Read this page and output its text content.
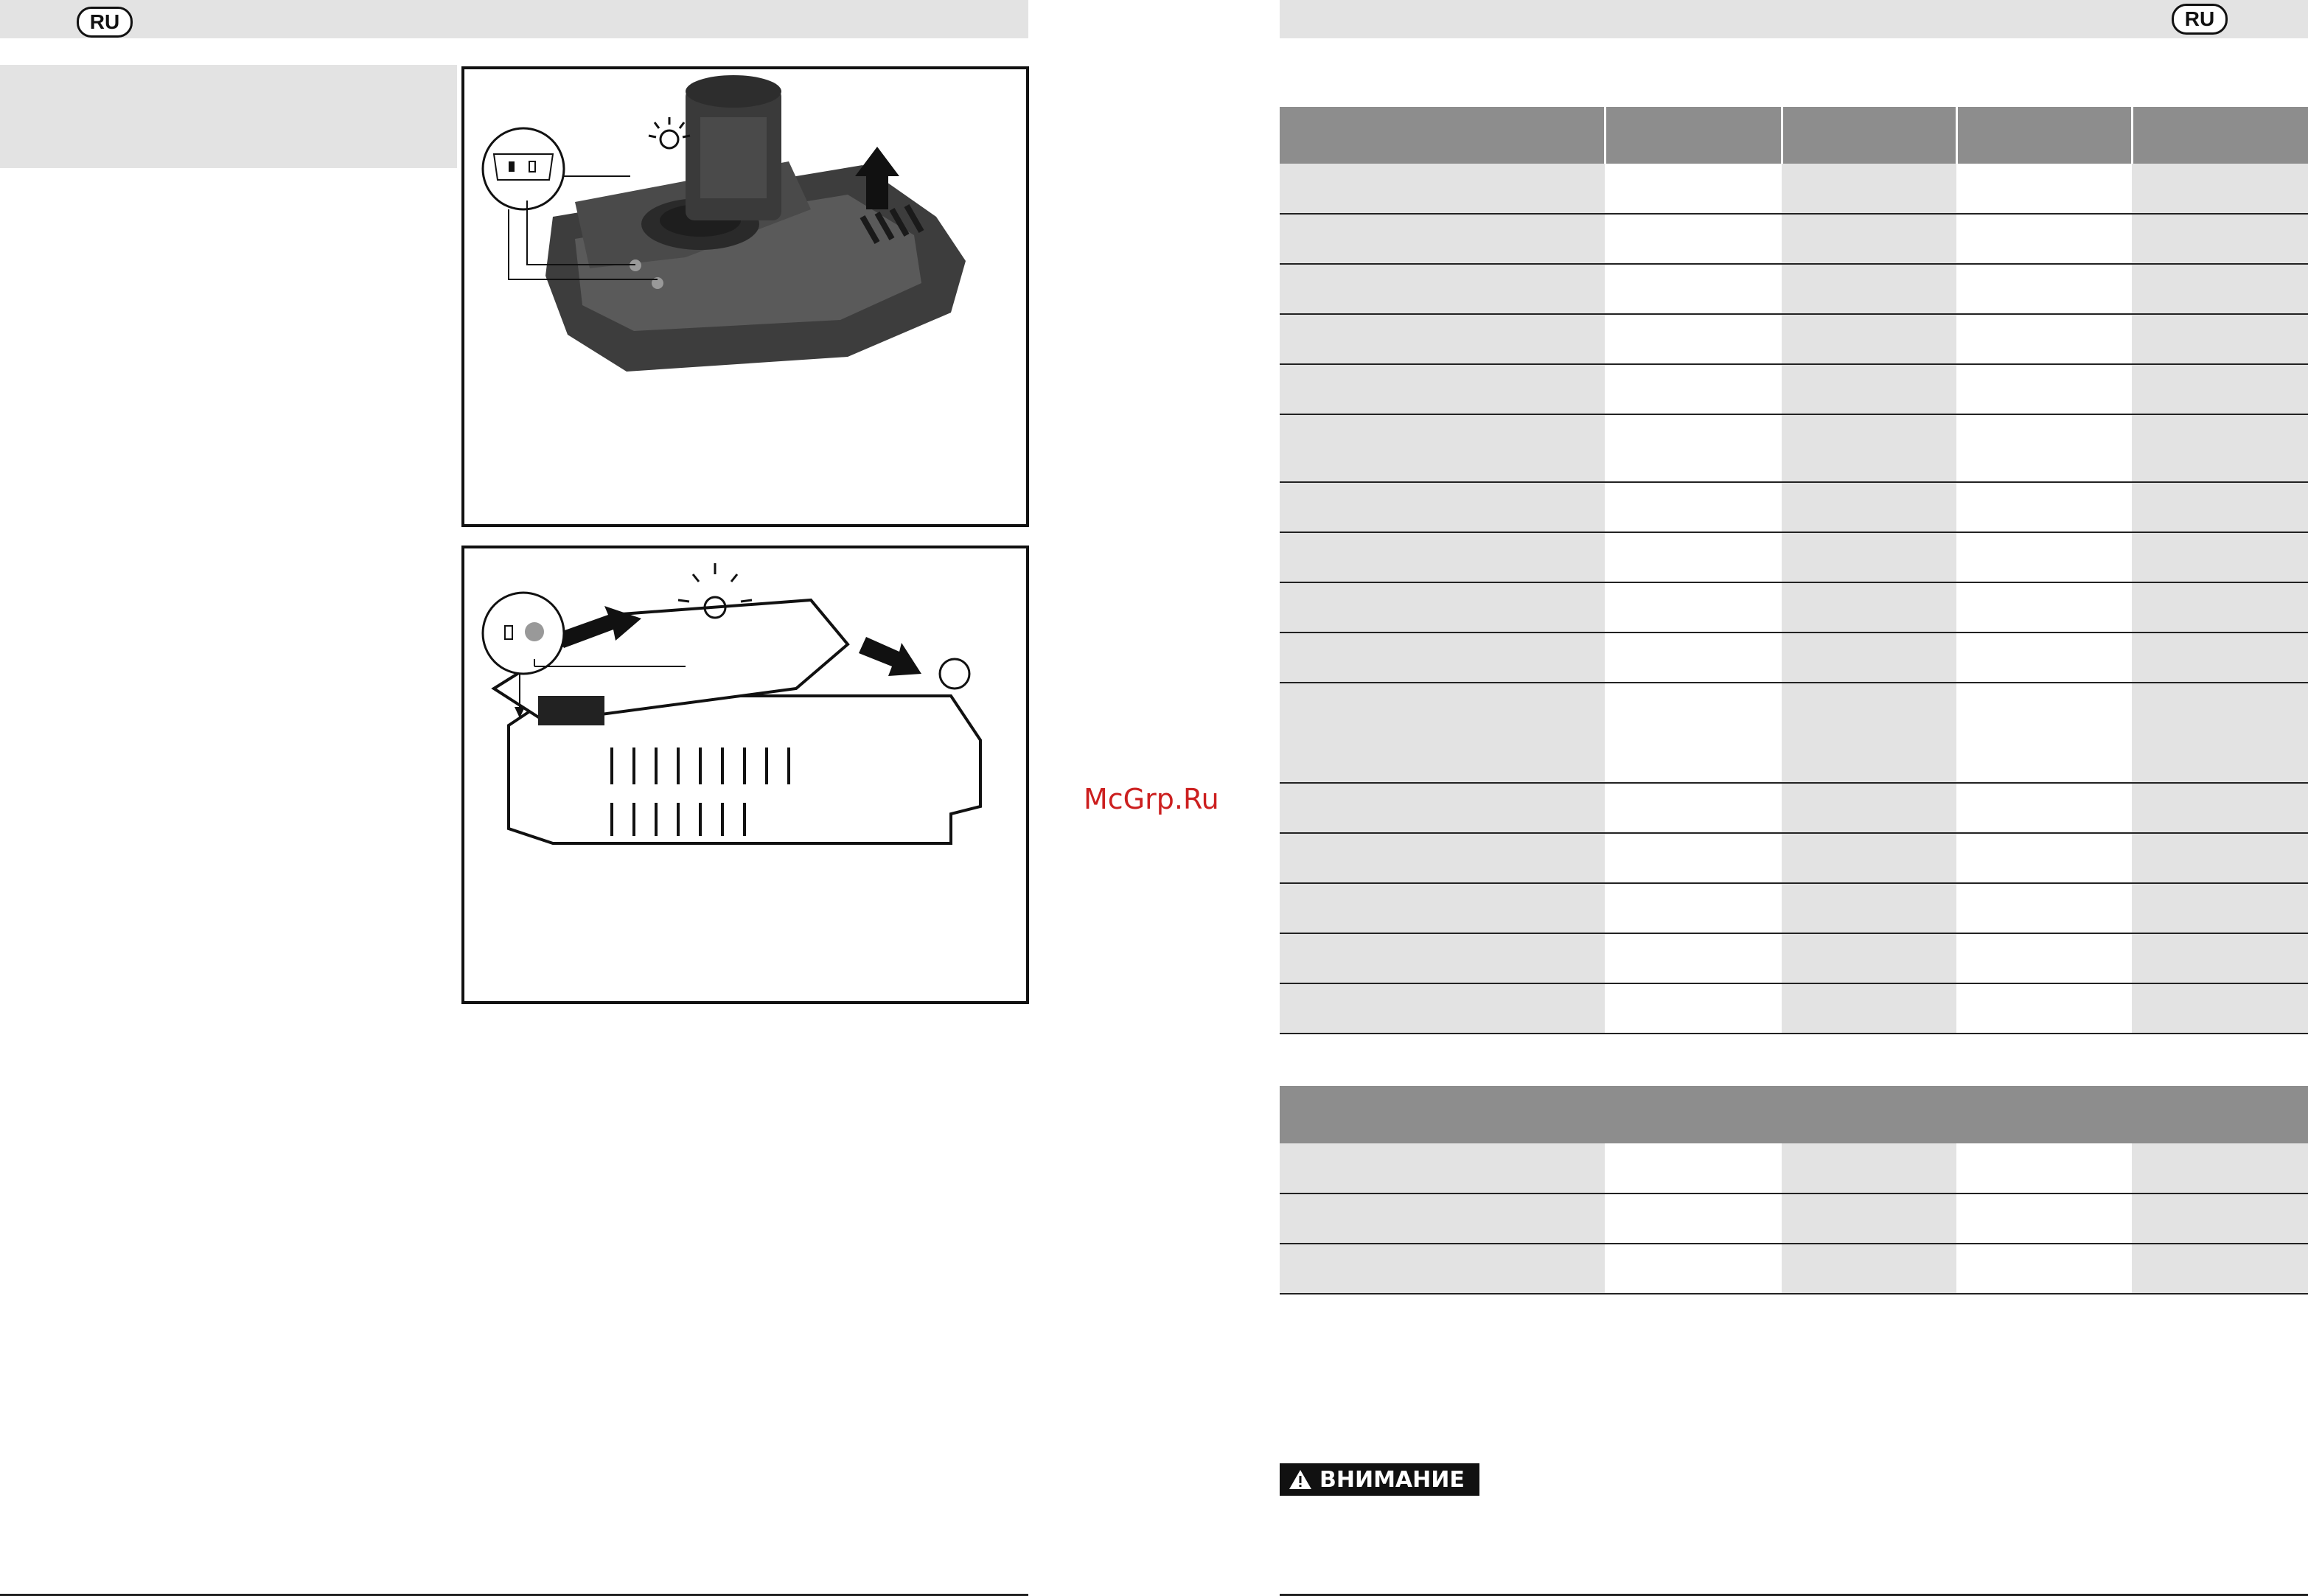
RU
McGrp.Ru
RU

ВНИМАНИЕ
